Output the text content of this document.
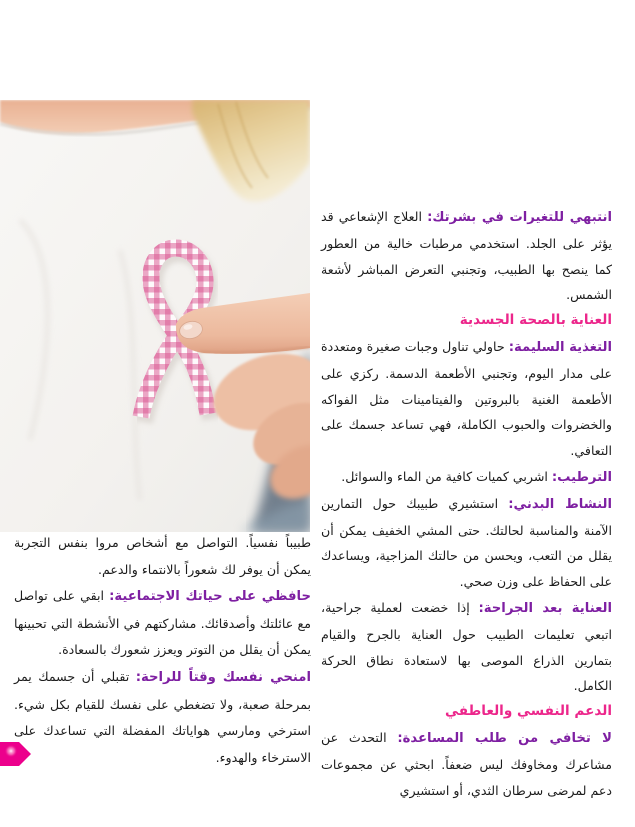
انتبهي للتغيرات في بشرتك: العلاج الإشعاعي قد يؤثر على الجلد. استخدمي مرطبات خالية من العطور كما ينصح بها الطبيب، وتجنبي التعرض المباشر لأشعة الشمس.

العناية بالصحة الجسدية

التغذية السليمة: حاولي تناول وجبات صغيرة ومتعددة على مدار اليوم، وتجنبي الأطعمة الدسمة. ركزي على الأطعمة الغنية بالبروتين والفيتامينات مثل الفواكه والخضروات والحبوب الكاملة، فهي تساعد جسمك على التعافي.

الترطيب: اشربي كميات كافية من الماء والسوائل.

النشاط البدني: استشيري طبيبك حول التمارين الآمنة والمناسبة لحالتك. حتى المشي الخفيف يمكن أن يقلل من التعب، ويحسن من حالتك المزاجية، ويساعدك على الحفاظ على وزن صحي.

العناية بعد الجراحة: إذا خضعت لعملية جراحية، اتبعي تعليمات الطبيب حول العناية بالجرح والقيام بتمارين الذراع الموصى بها لاستعادة نطاق الحركة الكامل.

الدعم النفسي والعاطفي

لا تخافي من طلب المساعدة: التحدث عن مشاعرك ومخاوفك ليس ضعفاً. ابحثي عن مجموعات دعم لمرضى سرطان الثدي، أو استشيري

طبيباً نفسياً. التواصل مع أشخاص مروا بنفس التجربة يمكن أن يوفر لك شعوراً بالانتماء والدعم.

حافظي على حياتك الاجتماعية: ابقي على تواصل مع عائلتك وأصدقائك. مشاركتهم في الأنشطة التي تحبينها يمكن أن يقلل من التوتر ويعزز شعورك بالسعادة.

امنحي نفسك وقتاً للراحة: تقبلي أن جسمك يمر بمرحلة صعبة، ولا تضغطي على نفسك للقيام بكل شيء. استرخي ومارسي هواياتك المفضلة التي تساعدك على الاسترخاء والهدوء.
